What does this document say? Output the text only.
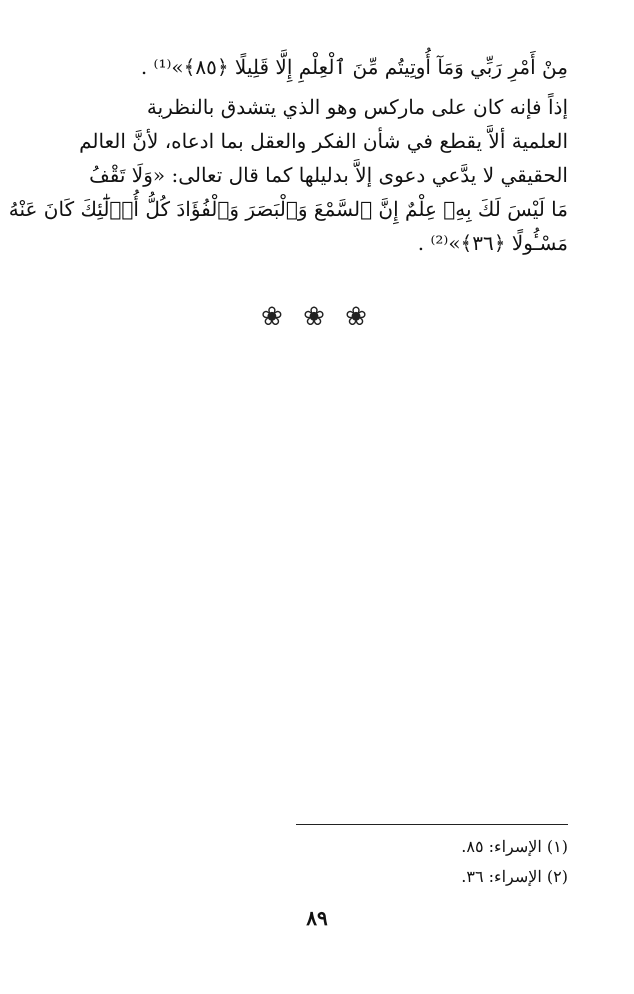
مِنْ أَمْرِ رَبِّي وَمَآ أُوتِيتُم مِّنَ ٱلْعِلْمِ إِلَّا قَلِيلًا ﴿٨٥﴾»⁽¹⁾ .
إذاً فإنه كان على ماركس وهو الذي يتشدق بالنظرية
العلمية ألاَّ يقطع في شأن الفكر والعقل بما ادعاه، لأنَّ العالم
الحقيقي لا يدَّعي دعوى إلاَّ بدليلها كما قال تعالى: «وَلَا تَقْفُ
مَا لَيْسَ لَكَ بِهِۦ عِلْمٌ إِنَّ ٱلسَّمْعَ وَٱلْبَصَرَ وَٱلْفُؤَادَ كُلُّ أُو۟لَٰٓئِكَ كَانَ عَنْهُ
مَسْـُٔولًا ﴿٣٦﴾»⁽²⁾ .
❀ ❀ ❀
(١) الإسراء: ٨٥.
(٢) الإسراء: ٣٦.
٨٩
